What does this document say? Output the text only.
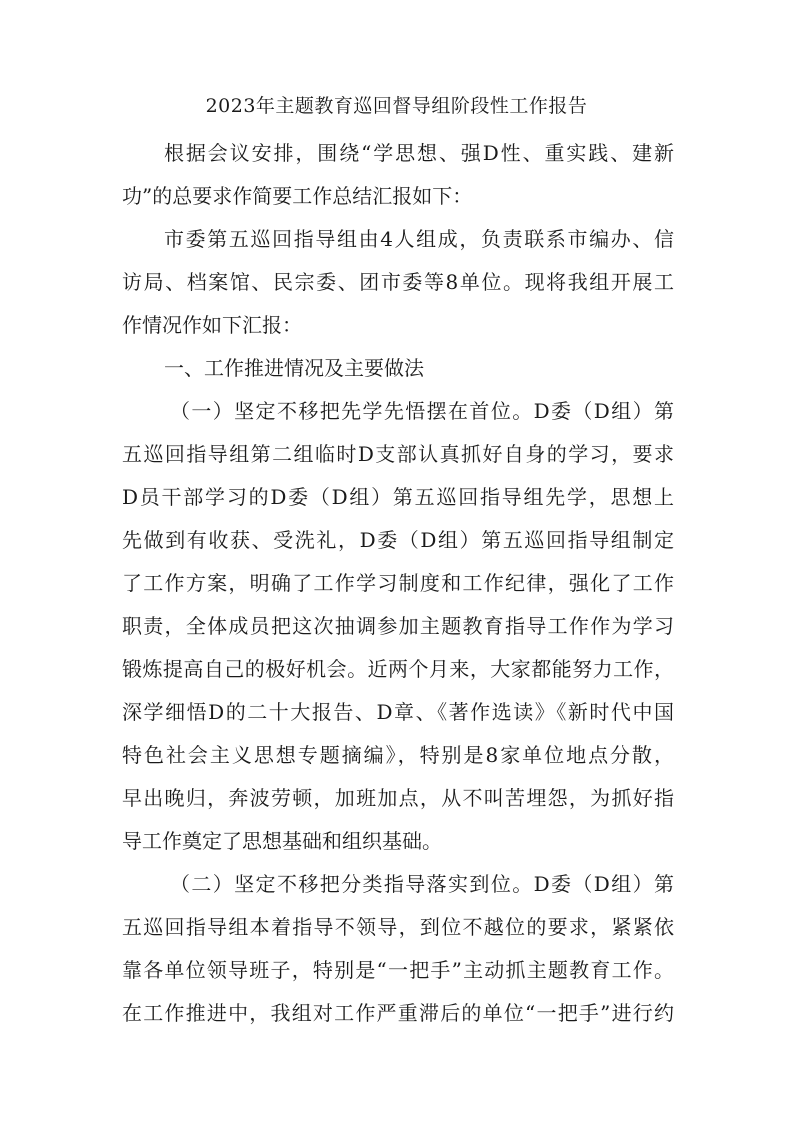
2023年主题教育巡回督导组阶段性工作报告
根据会议安排，围绕“学思想、强D性、重实践、建新
功”的总要求作简要工作总结汇报如下：
市委第五巡回指导组由4人组成，负责联系市编办、信
访局、档案馆、民宗委、团市委等8单位。现将我组开展工
作情况作如下汇报：
一、工作推进情况及主要做法
（一）坚定不移把先学先悟摆在首位。D委（D组）第
五巡回指导组第二组临时D支部认真抓好自身的学习，要求
D员干部学习的D委（D组）第五巡回指导组先学，思想上
先做到有收获、受洗礼，D委（D组）第五巡回指导组制定
了工作方案，明确了工作学习制度和工作纪律，强化了工作
职责，全体成员把这次抽调参加主题教育指导工作作为学习
锻炼提高自己的极好机会。近两个月来，大家都能努力工作，
深学细悟D的二十大报告、D章、《著作选读》《新时代中国
特色社会主义思想专题摘编》，特别是8家单位地点分散，
早出晚归，奔波劳顿，加班加点，从不叫苦埋怨，为抓好指
导工作奠定了思想基础和组织基础。
（二）坚定不移把分类指导落实到位。D委（D组）第
五巡回指导组本着指导不领导，到位不越位的要求，紧紧依
靠各单位领导班子，特别是“一把手”主动抓主题教育工作。
在工作推进中，我组对工作严重滞后的单位“一把手”进行约
